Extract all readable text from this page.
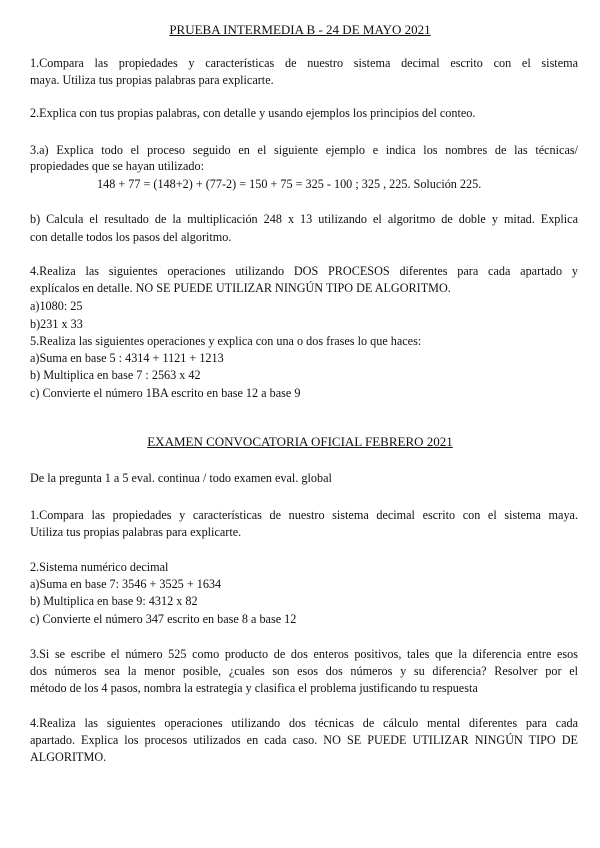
PRUEBA INTERMEDIA B - 24 DE MAYO 2021
1.Compara las propiedades y características de nuestro sistema decimal escrito con el sistema
maya. Utiliza tus propias palabras para explicarte.
2.Explica con tus propias palabras, con detalle y usando ejemplos los principios del conteo.
3.a) Explica todo el proceso seguido en el siguiente ejemplo e indica los nombres de las técnicas/
propiedades que se hayan utilizado:
148 + 77 = (148+2) + (77-2) = 150 + 75 = 325 - 100 ; 325 , 225. Solución 225.
b) Calcula el resultado de la multiplicación 248 x 13 utilizando el algoritmo de doble y mitad. Explica
con detalle todos los pasos del algoritmo.
4.Realiza las siguientes operaciones utilizando DOS PROCESOS diferentes para cada apartado y
explícalos en detalle. NO SE PUEDE UTILIZAR NINGÚN TIPO DE ALGORITMO.
a)1080: 25
b)231 x 33
5.Realiza las siguientes operaciones y explica con una o dos frases lo que haces:
a)Suma en base 5 : 4314 + 1121 + 1213
b) Multiplica en base 7 : 2563 x 42
c) Convierte el número 1BA escrito en base 12 a base 9
EXAMEN CONVOCATORIA OFICIAL FEBRERO 2021
De la pregunta 1 a 5 eval. continua / todo examen eval. global
1.Compara las propiedades y características de nuestro sistema decimal escrito con el sistema maya.
Utiliza tus propias palabras para explicarte.
2.Sistema numérico decimal
a)Suma en base 7: 3546 + 3525 + 1634
b) Multiplica en base 9: 4312 x 82
c) Convierte el número 347 escrito en base 8 a base 12
3.Si se escribe el número 525 como producto de dos enteros positivos, tales que la diferencia entre esos
dos números sea la menor posible, ¿cuales son esos dos números y su diferencia? Resolver por el
método de los 4 pasos, nombra la estrategia y clasifica el problema justificando tu respuesta
4.Realiza las siguientes operaciones utilizando dos técnicas de cálculo mental diferentes para cada
apartado. Explica los procesos utilizados en cada caso. NO SE PUEDE UTILIZAR NINGÚN TIPO DE
ALGORITMO.
